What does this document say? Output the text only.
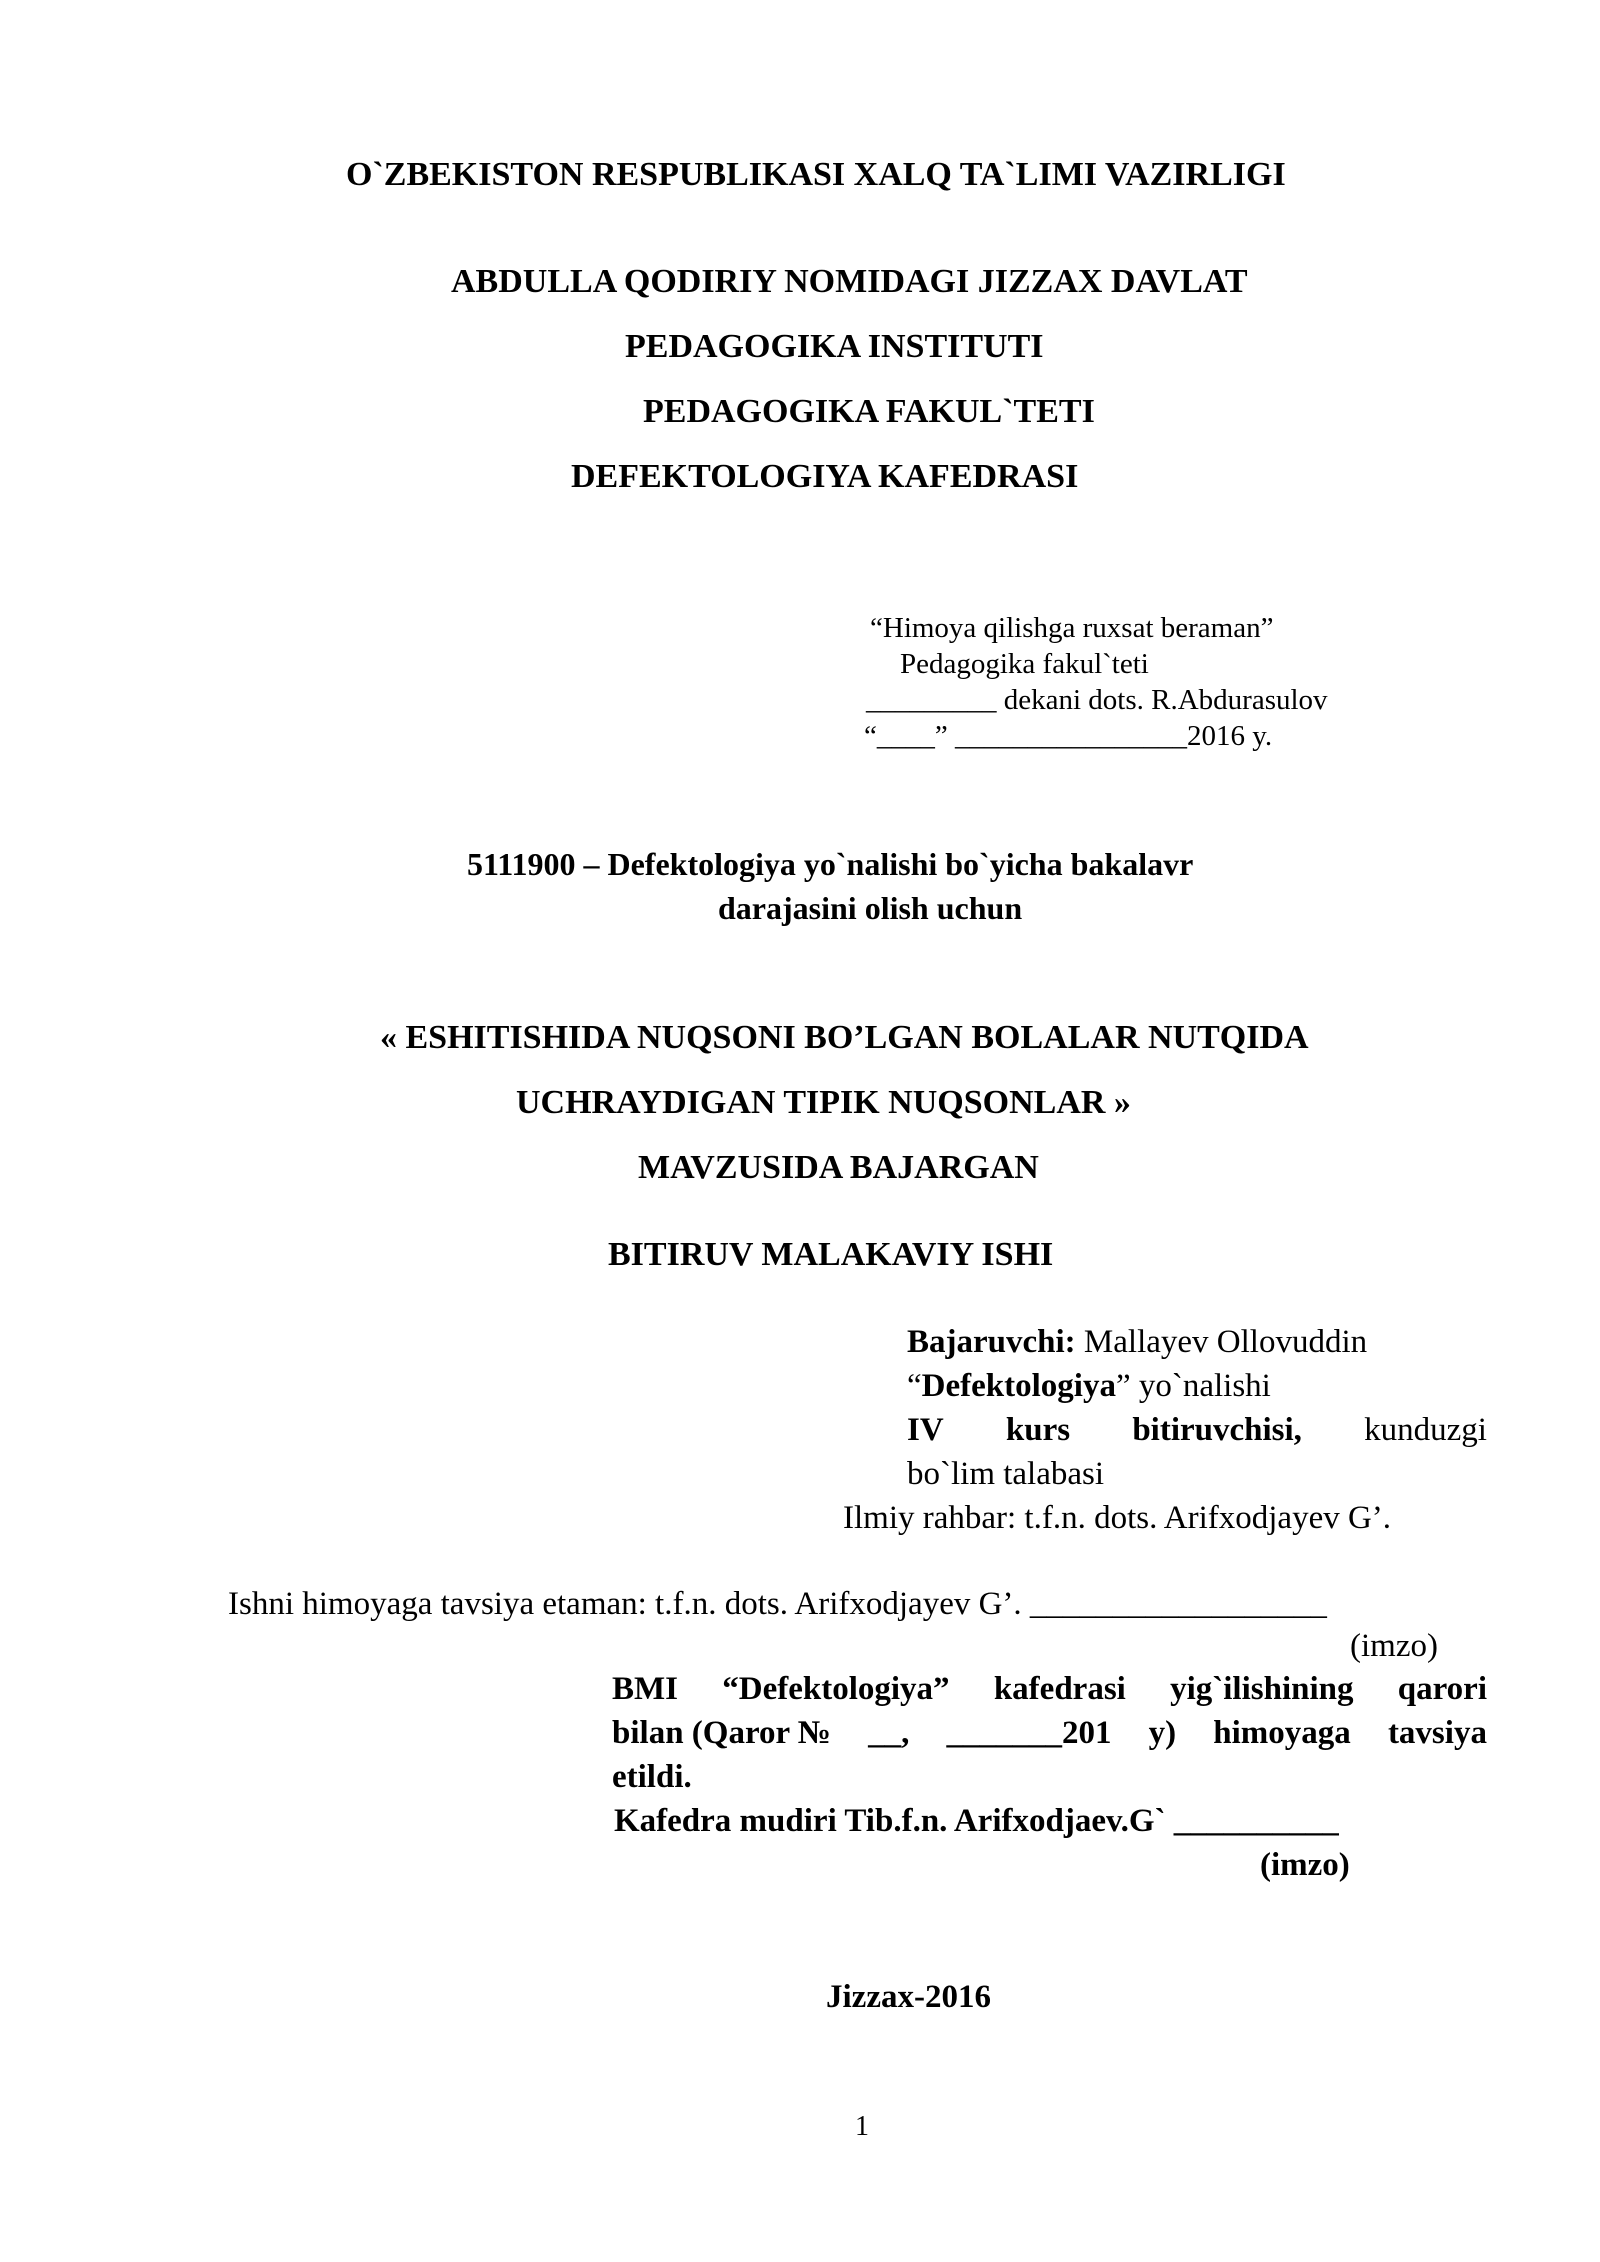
O`ZBEKISTON RESPUBLIKASI XALQ TA`LIMI VAZIRLIGI
ABDULLA QODIRIY NOMIDAGI JIZZAX DAVLAT
PEDAGOGIKA INSTITUTI
PEDAGOGIKA FAKUL`TETI
DEFEKTOLOGIYA KAFEDRASI
“Himoya qilishga ruxsat beraman”
Pedagogika fakul`teti
_________ dekani dots. R.Abdurasulov
“____” ________________2016 y.
5111900 – Defektologiya yo`nalishi bo`yicha bakalavr
darajasini olish uchun
« ESHITISHIDA NUQSONI BO’LGAN BOLALAR NUTQIDA
UCHRAYDIGAN TIPIK NUQSONLAR »
MAVZUSIDA BAJARGAN
BITIRUV MALAKAVIY ISHI
Bajaruvchi: Mallayev Ollovuddin
“Defektologiya” yo`nalishi
IV kurs bitiruvchisi, kunduzgi
bo`lim talabasi
Ilmiy rahbar: t.f.n. dots. Arifxodjayev G’.
Ishni himoyaga tavsiya etaman: t.f.n. dots. Arifxodjayev G’. __________________
(imzo)
BMI “Defektologiya” kafedrasi yig`ilishining qarori
bilan (Qaror № __, _______201 y) himoyaga tavsiya
etildi.
Kafedra mudiri Tib.f.n. Arifxodjaev.G` __________
(imzo)
Jizzax-2016
1
